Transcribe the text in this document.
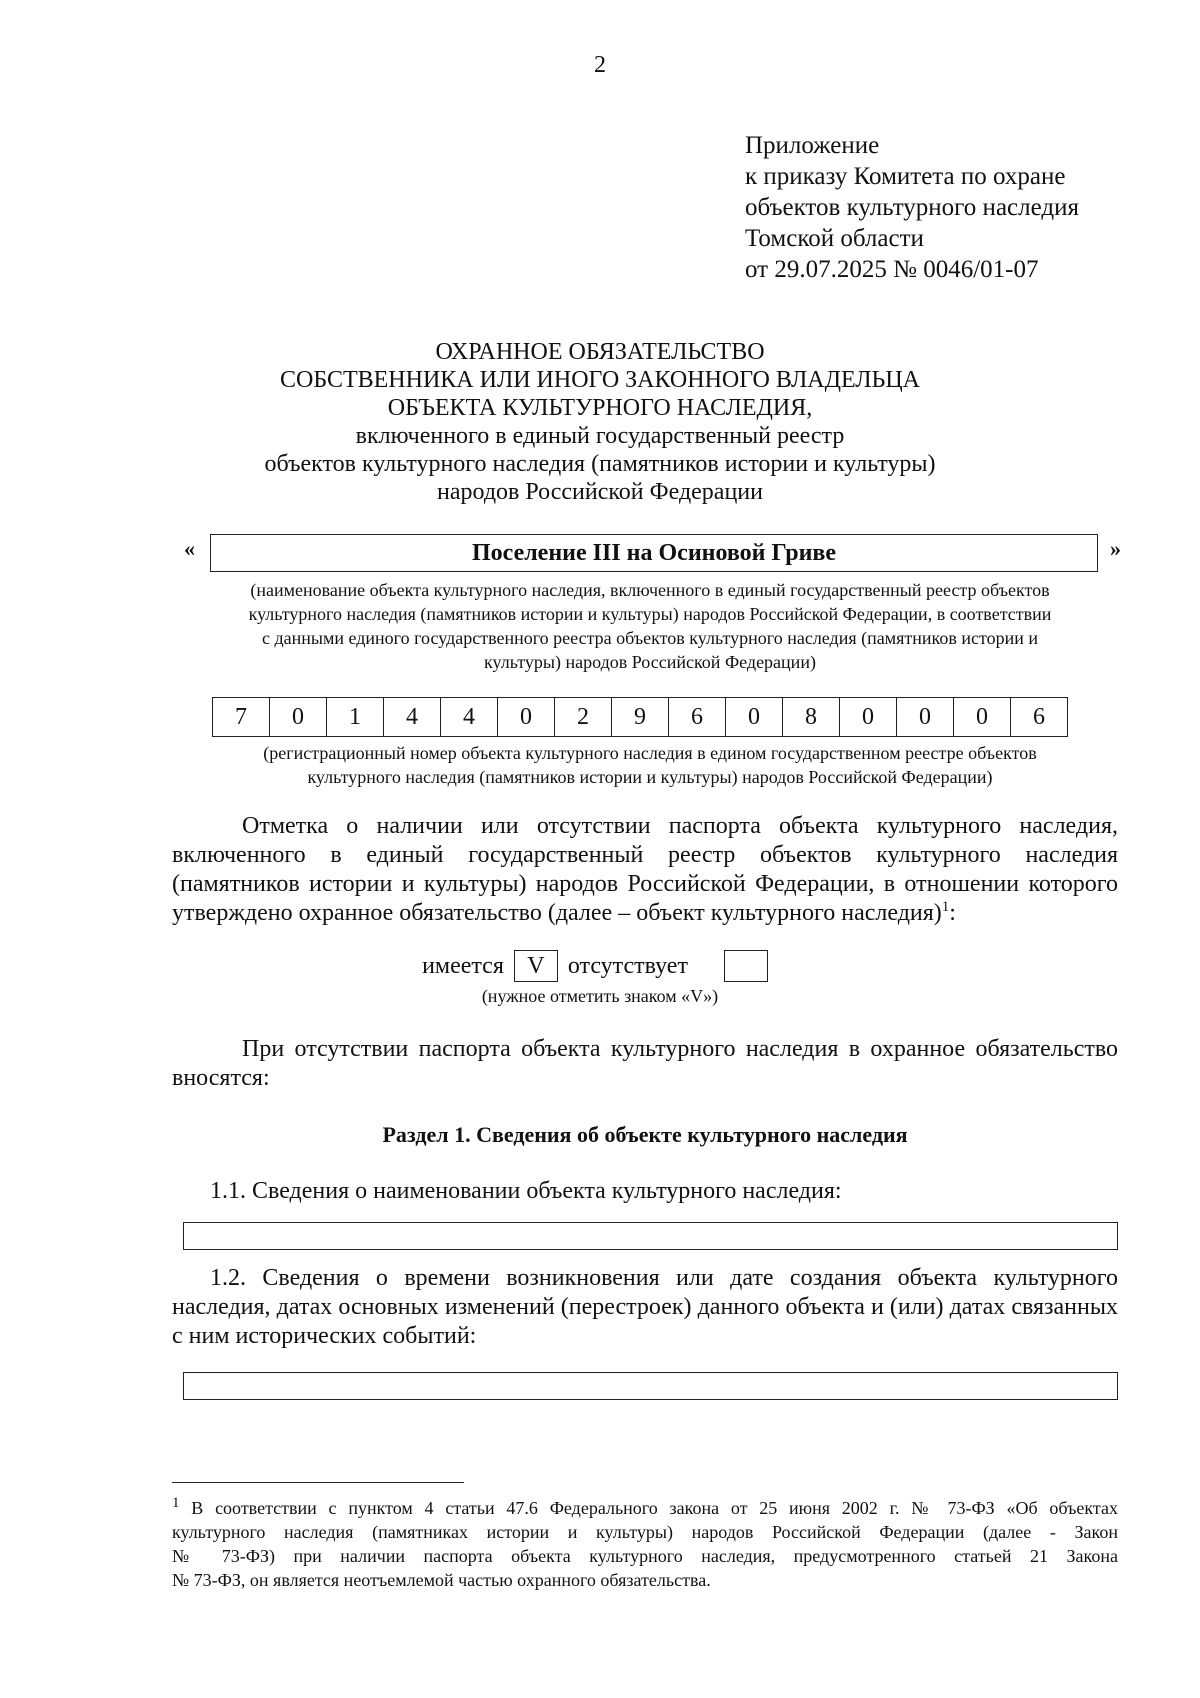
2
Приложение
к приказу Комитета по охране
объектов культурного наследия
Томской области
от 29.07.2025 № 0046/01-07
ОХРАННОЕ ОБЯЗАТЕЛЬСТВО
СОБСТВЕННИКА ИЛИ ИНОГО ЗАКОННОГО ВЛАДЕЛЬЦА
ОБЪЕКТА КУЛЬТУРНОГО НАСЛЕДИЯ,
включенного в единый государственный реестр
объектов культурного наследия (памятников истории и культуры)
народов Российской Федерации
«	Поселение III на Осиновой Гриве	»
(наименование объекта культурного наследия, включенного в единый государственный реестр объектов
культурного наследия (памятников истории и культуры) народов Российской Федерации, в соответствии
с данными единого государственного реестра объектов культурного наследия (памятников истории и
культуры) народов Российской Федерации)
7	0	1	4	4	0	2	9	6	0	8	0	0	0	6
(регистрационный номер объекта культурного наследия в едином государственном реестре объектов
культурного наследия (памятников истории и культуры) народов Российской Федерации)
Отметка о наличии или отсутствии паспорта объекта культурного наследия,
включенного в единый государственный реестр объектов культурного наследия
(памятников истории и культуры) народов Российской Федерации, в отношении которого
утверждено охранное обязательство (далее – объект культурного наследия)$^1$:
имеется V отсутствует
(нужное отметить знаком «V»)
При отсутствии паспорта объекта культурного наследия в охранное обязательство
вносятся:
Раздел 1. Сведения об объекте культурного наследия
1.1. Сведения о наименовании объекта культурного наследия:
1.2. Сведения о времени возникновения или дате создания объекта культурного
наследия, датах основных изменений (перестроек) данного объекта и (или) датах связанных
с ним исторических событий:
$^1$ В соответствии с пунктом 4 статьи 47.6 Федерального закона от 25 июня 2002 г. № 73-ФЗ «Об объектах
культурного наследия (памятниках истории и культуры) народов Российской Федерации (далее - Закон
№ 73-ФЗ) при наличии паспорта объекта культурного наследия, предусмотренного статьей 21 Закона
№ 73-ФЗ, он является неотъемлемой частью охранного обязательства.
